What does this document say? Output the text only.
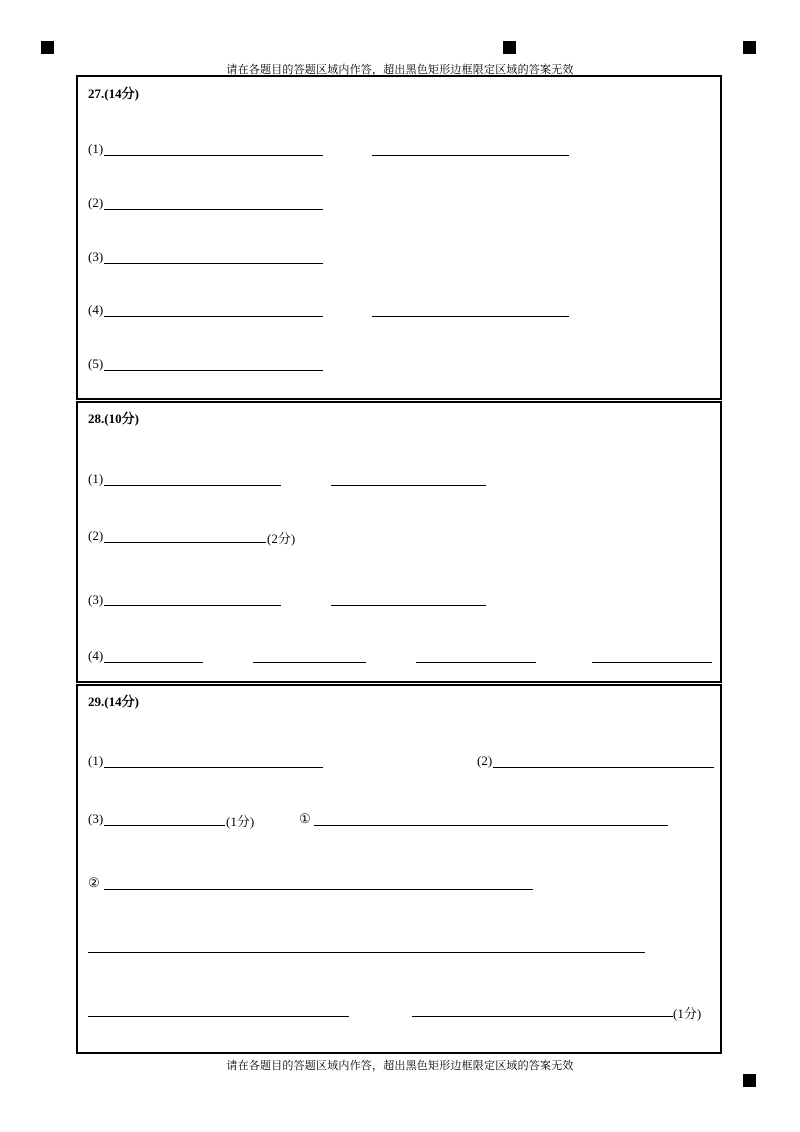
请在各题目的答题区域内作答，超出黑色矩形边框限定区域的答案无效
27.(14分)
(1)
(2)
(3)
(4)
(5)
28.(10分)
(1)
(2)	(2分)
(3)
(4)
29.(14分)
(1)	(2)
(3)	(1分)	①
②
(1分)
请在各题目的答题区域内作答，超出黑色矩形边框限定区域的答案无效
